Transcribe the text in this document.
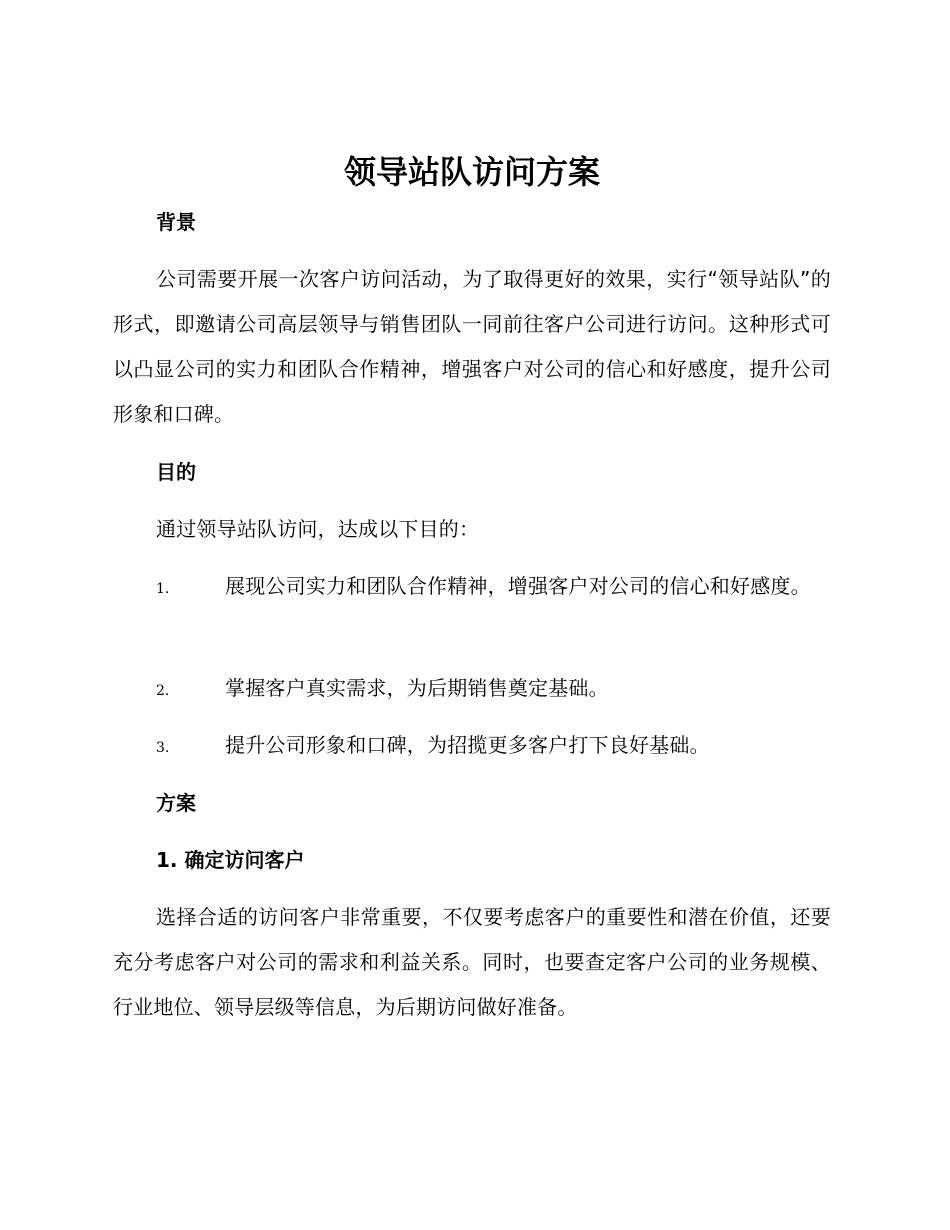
领导站队访问方案
背景

公司需要开展一次客户访问活动，为了取得更好的效果，实行“领导站队”的形式，即邀请公司高层领导与销售团队一同前往客户公司进行访问。这种形式可以凸显公司的实力和团队合作精神，增强客户对公司的信心和好感度，提升公司形象和口碑。

目的

通过领导站队访问，达成以下目的：

1.	展现公司实力和团队合作精神，增强客户对公司的信心和好感度。

2.	掌握客户真实需求，为后期销售奠定基础。

3.	提升公司形象和口碑，为招揽更多客户打下良好基础。

方案
1. 确定访问客户

选择合适的访问客户非常重要，不仅要考虑客户的重要性和潜在价值，还要充分考虑客户对公司的需求和利益关系。同时，也要查定客户公司的业务规模、行业地位、领导层级等信息，为后期访问做好准备。
